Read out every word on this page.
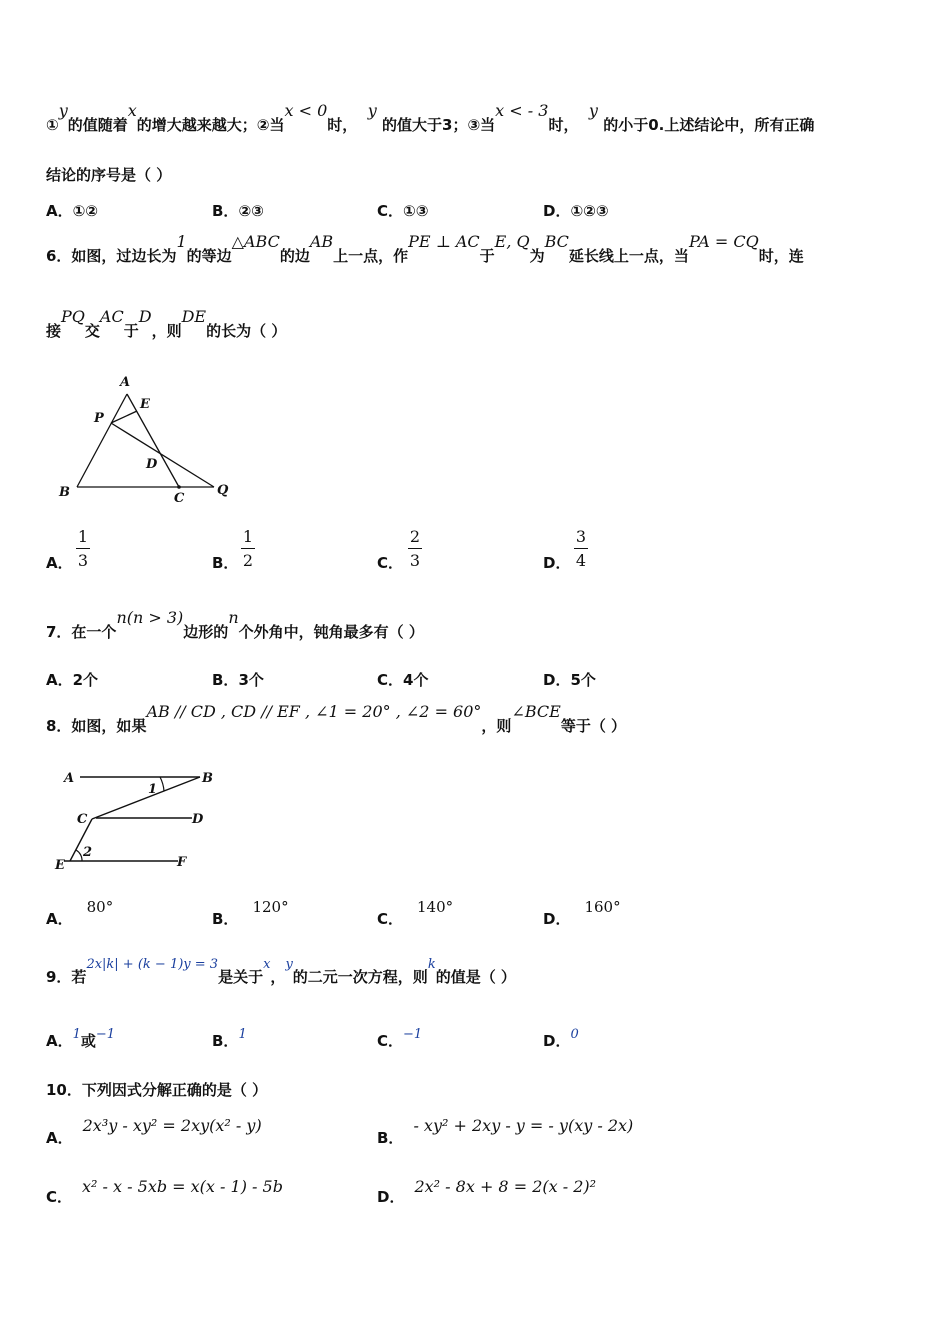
①y的值随着x的增大越来越大；②当x < 0时，  y 的值大于3；③当x < - 3时，  y 的小于0.上述结论中，所有正确
结论的序号是（ ）
A．①②	B．②③	C．①③	D．①②③
6．如图，过边长为1的等边△ABC的边AB上一点，作PE ⊥ AC于E, Q为BC延长线上一点，当PA = CQ时，连
接PQ交AC于D，则DE的长为（ ）
A
E
P
D
B	C
Q
A． $\frac{1}{3}$	B． $\frac{1}{2}$	C． $\frac{2}{3}$	D． $\frac{3}{4}$
7．在一个n(n > 3)边形的n个外角中，钝角最多有（ ）
A．2个	B．3个	C．4个	D．5个
8．如图，如果AB // CD , CD // EF , ∠1 = 20° , ∠2 = 60°，则∠BCE等于（ ）
A	B
1
C	D
2
E	F
A．80°
B．120°
C．140°
D．160°
9．若2x|k| + (k − 1)y = 3是关于x，y的二元一次方程，则k的值是（ ）
A．1或−1	B．1	C．−1	D．0
10．下列因式分解正确的是（ ）
A．2x³y - xy² = 2xy(x² - y)
B．- xy² + 2xy - y = - y(xy - 2x)
C．x² - x - 5xb = x(x - 1) - 5b
D．2x² - 8x + 8 = 2(x - 2)²
